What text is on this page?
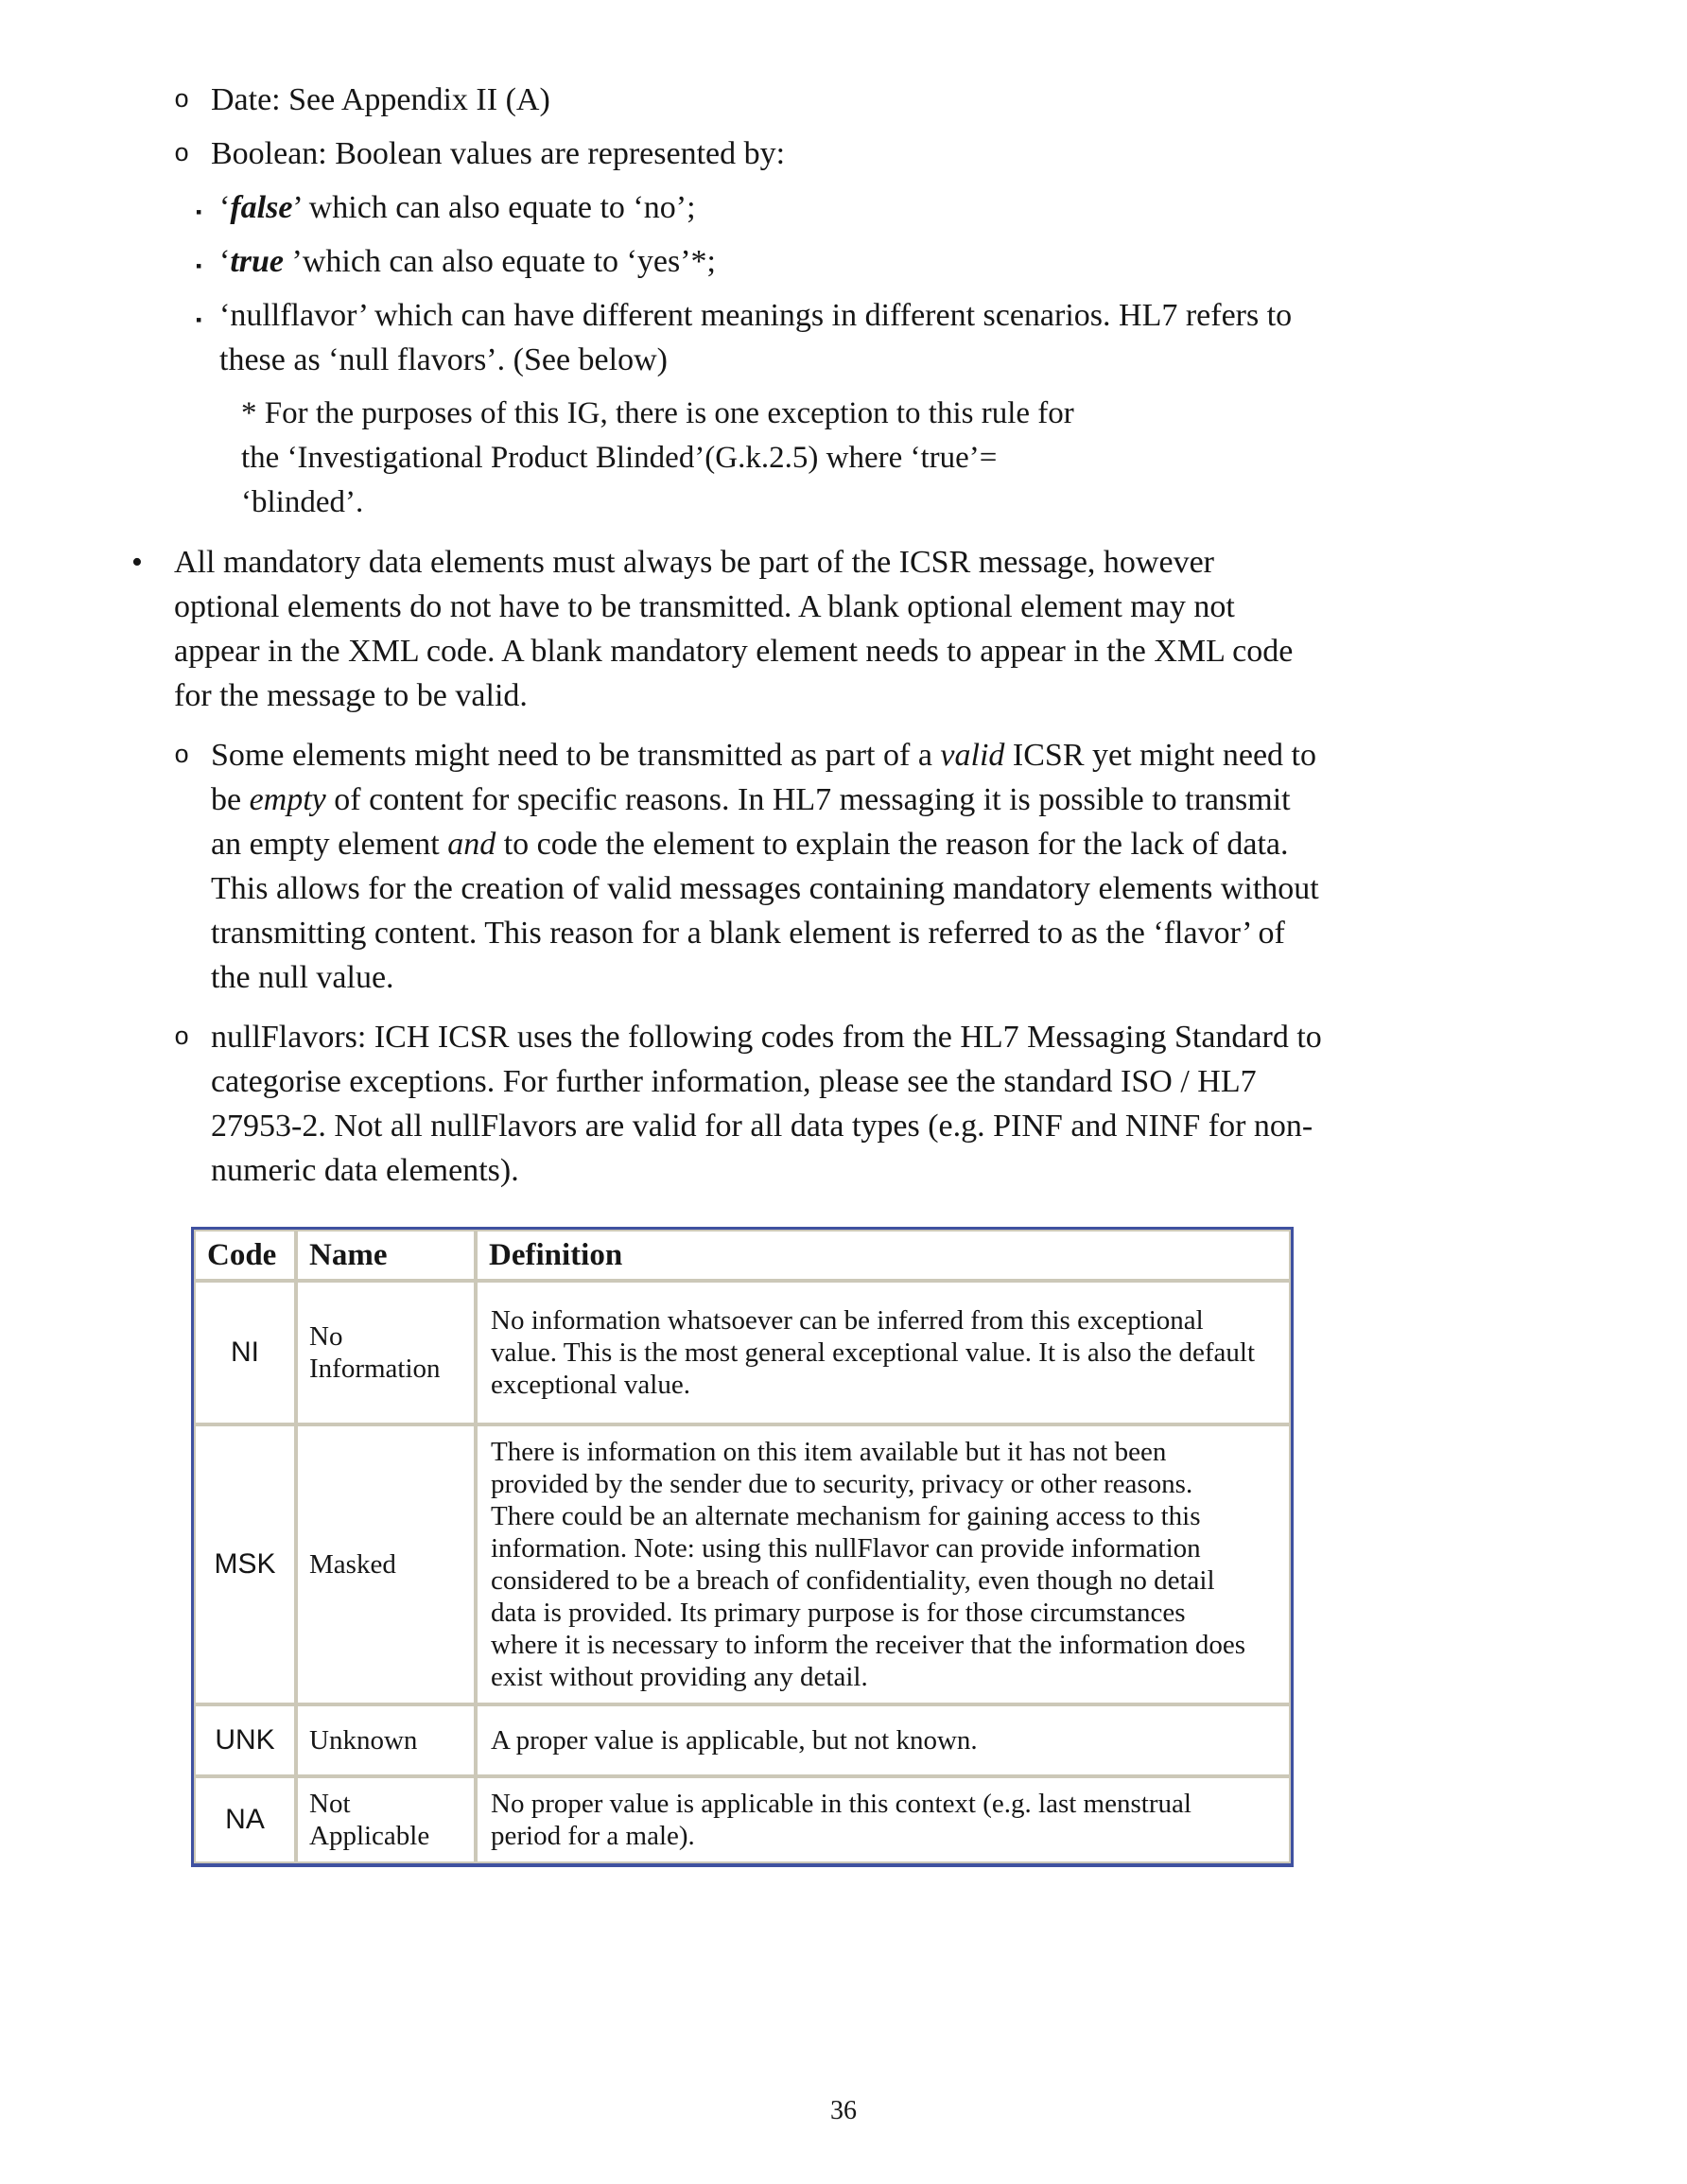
o Date: See Appendix II (A)
o Boolean: Boolean values are represented by:
▪ ‘false’ which can also equate to ‘no’;
▪ ‘true ’which can also equate to ‘yes’*;
▪ ‘nullflavor’ which can have different meanings in different scenarios. HL7 refers to these as ‘null flavors’. (See below)
* For the purposes of this IG, there is one exception to this rule for the ‘Investigational Product Blinded’(G.k.2.5) where ‘true’= ‘blinded’.
• All mandatory data elements must always be part of the ICSR message, however optional elements do not have to be transmitted. A blank optional element may not appear in the XML code. A blank mandatory element needs to appear in the XML code for the message to be valid.
o Some elements might need to be transmitted as part of a valid ICSR yet might need to be empty of content for specific reasons. In HL7 messaging it is possible to transmit an empty element and to code the element to explain the reason for the lack of data. This allows for the creation of valid messages containing mandatory elements without transmitting content. This reason for a blank element is referred to as the ‘flavor’ of the null value.
o nullFlavors: ICH ICSR uses the following codes from the HL7 Messaging Standard to categorise exceptions. For further information, please see the standard ISO / HL7 27953-2. Not all nullFlavors are valid for all data types (e.g. PINF and NINF for non-numeric data elements).
Code	Name	Definition
NI	No Information	No information whatsoever can be inferred from this exceptional value. This is the most general exceptional value. It is also the default exceptional value.
MSK	Masked	There is information on this item available but it has not been provided by the sender due to security, privacy or other reasons. There could be an alternate mechanism for gaining access to this information. Note: using this nullFlavor can provide information considered to be a breach of confidentiality, even though no detail data is provided. Its primary purpose is for those circumstances where it is necessary to inform the receiver that the information does exist without providing any detail.
UNK	Unknown	A proper value is applicable, but not known.
NA	Not Applicable	No proper value is applicable in this context (e.g. last menstrual period for a male).
36
